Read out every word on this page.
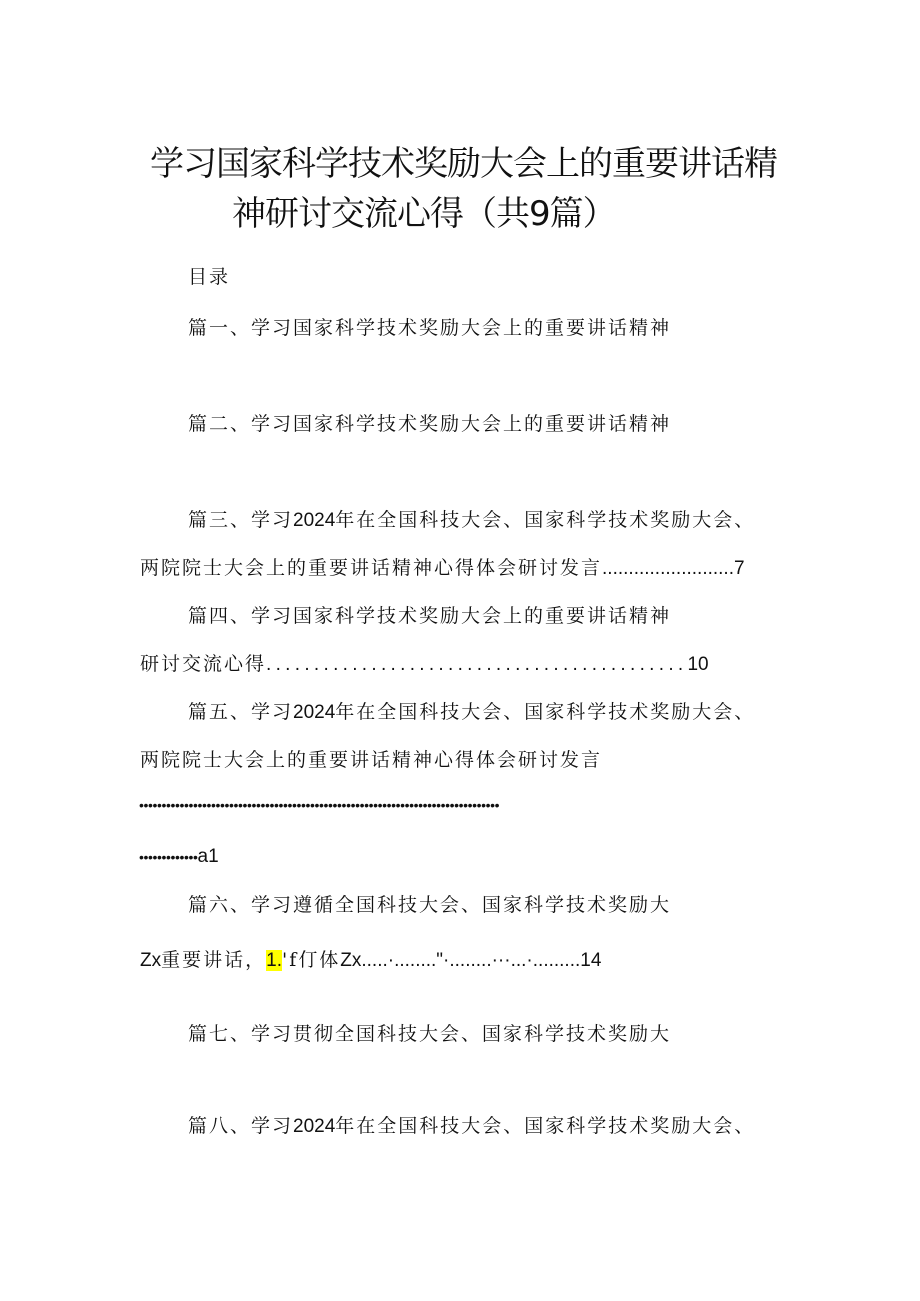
学习国家科学技术奖励大会上的重要讲话精
神研讨交流心得（共9篇）
目录
篇一、学习国家科学技术奖励大会上的重要讲话精神
篇二、学习国家科学技术奖励大会上的重要讲话精神
篇三、学习2024年在全国科技大会、国家科学技术奖励大会、
两院院士大会上的重要讲话精神心得体会研讨发言.........................7
篇四、学习国家科学技术奖励大会上的重要讲话精神
研讨交流心得............................................10
篇五、学习2024年在全国科技大会、国家科学技术奖励大会、
两院院士大会上的重要讲话精神心得体会研讨发言
••••••••••••••••••••••••••••••••••••••••••••••••••••••••••••••••••••••••••••••••
•••••••••••••a1
篇六、学习遵循全国科技大会、国家科学技术奖励大
Zx重要讲话，1.'f仃体Zx.....·........"·........···...·.........14
篇七、学习贯彻全国科技大会、国家科学技术奖励大
篇八、学习2024年在全国科技大会、国家科学技术奖励大会、
